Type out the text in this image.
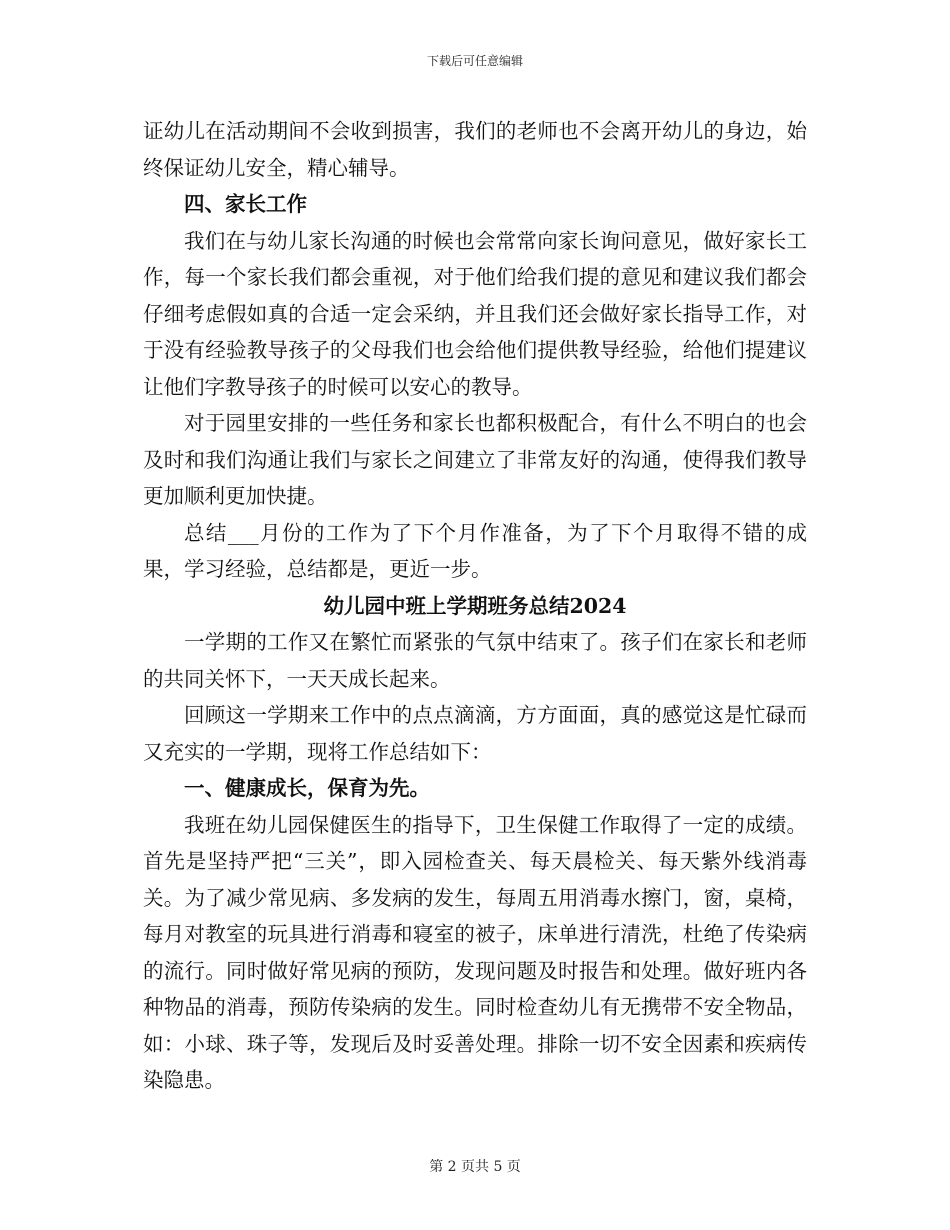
下载后可任意编辑

证幼儿在活动期间不会收到损害，我们的老师也不会离开幼儿的身边，始终保证幼儿安全，精心辅导。

四、家长工作

我们在与幼儿家长沟通的时候也会常常向家长询问意见，做好家长工作，每一个家长我们都会重视，对于他们给我们提的意见和建议我们都会仔细考虑假如真的合适一定会采纳，并且我们还会做好家长指导工作，对于没有经验教导孩子的父母我们也会给他们提供教导经验，给他们提建议让他们字教导孩子的时候可以安心的教导。

对于园里安排的一些任务和家长也都积极配合，有什么不明白的也会及时和我们沟通让我们与家长之间建立了非常友好的沟通，使得我们教导更加顺利更加快捷。

总结___月份的工作为了下个月作准备，为了下个月取得不错的成果，学习经验，总结都是，更近一步。

幼儿园中班上学期班务总结2024

一学期的工作又在繁忙而紧张的气氛中结束了。孩子们在家长和老师的共同关怀下，一天天成长起来。

回顾这一学期来工作中的点点滴滴，方方面面，真的感觉这是忙碌而又充实的一学期，现将工作总结如下：

一、健康成长，保育为先。

我班在幼儿园保健医生的指导下，卫生保健工作取得了一定的成绩。首先是坚持严把“三关”，即入园检查关、每天晨检关、每天紫外线消毒关。为了减少常见病、多发病的发生，每周五用消毒水擦门，窗，桌椅，每月对教室的玩具进行消毒和寝室的被子，床单进行清洗，杜绝了传染病的流行。同时做好常见病的预防，发现问题及时报告和处理。做好班内各种物品的消毒，预防传染病的发生。同时检查幼儿有无携带不安全物品，如：小球、珠子等，发现后及时妥善处理。排除一切不安全因素和疾病传染隐患。

第 2 页共 5 页
